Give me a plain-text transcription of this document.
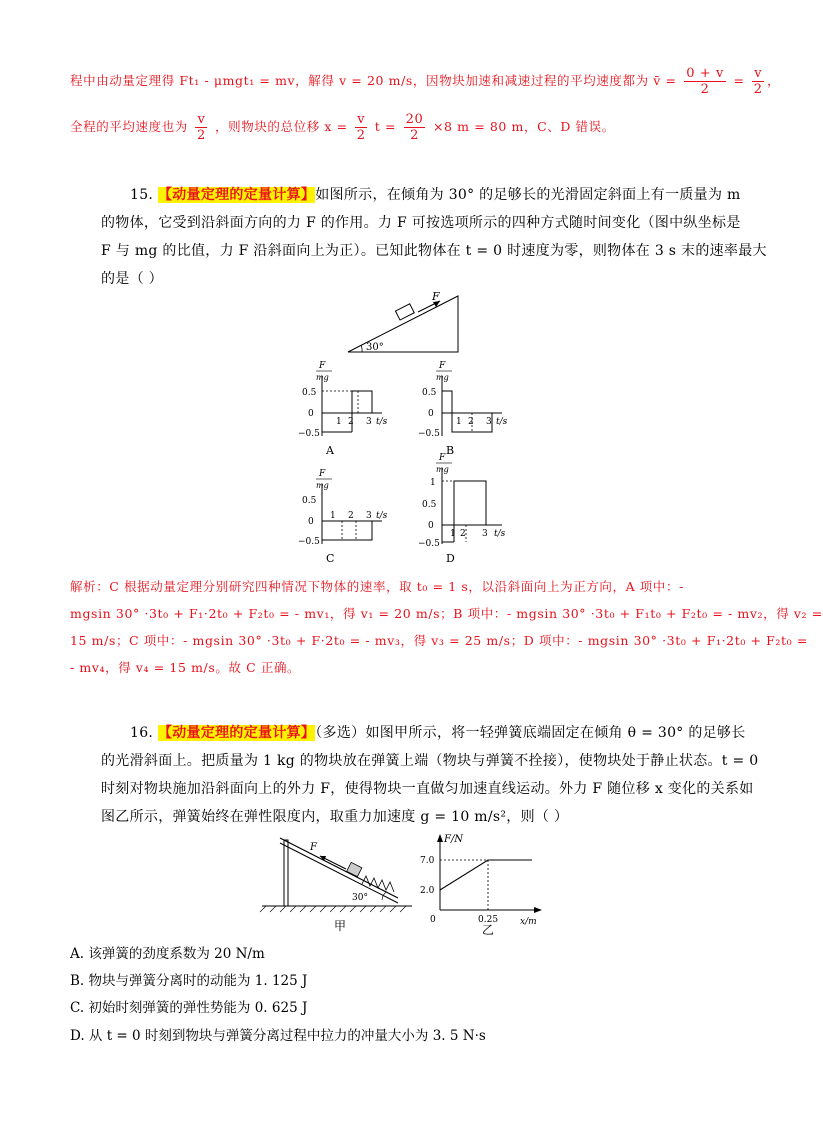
程中由动量定理得 Ft₁ - μmgt₁ = mv，解得 v = 20 m/s，因物块加速和减速过程的平均速度都为 v̄ = $\frac{0 + v}{2} = \frac{v}{2}$ ，
全程的平均速度也为 $\frac{v}{2}$ ，则物块的总位移 $x = \frac{v}{2}$ $t = \frac{20}{2} \times 8$ m = 80 m，C、D 错误。
15. 【动量定理的定量计算】如图所示，在倾角为 30° 的足够长的光滑固定斜面上有一质量为 m
的物体，它受到沿斜面方向的力 F 的作用。力 F 可按选项所示的四种方式随时间变化（图中纵坐标是
F 与 mg 的比值，力 F 沿斜面向上为正）。已知此物体在 t = 0 时速度为零，则物体在 3 s 末的速率最大
的是（ ）
F
30°
F
mg
0.5
0
−0.5
1 2 3 t/s
A
F
mg
0.5
0
−0.5
1 2 3 t/s
B
F
mg
0.5
0
−0.5
1 2 3 t/s
C
F
mg
1
0.5
0
−0.5
1 2 3 t/s
D
解析：C 根据动量定理分别研究四种情况下物体的速率，取 t₀ = 1 s，以沿斜面向上为正方向，A 项中：-
mgsin 30° ·3t₀ + F₁·2t₀ + F₂t₀ = - mv₁，得 v₁ = 20 m/s；B 项中：- mgsin 30° ·3t₀ + F₁t₀ + F₂t₀ = - mv₂，得 v₂ =
15 m/s；C 项中：- mgsin 30° ·3t₀ + F·2t₀ = - mv₃，得 v₃ = 25 m/s；D 项中：- mgsin 30° ·3t₀ + F₁·2t₀ + F₂t₀ =
- mv₄，得 v₄ = 15 m/s。故 C 正确。
16. 【动量定理的定量计算】（多选）如图甲所示，将一轻弹簧底端固定在倾角 θ = 30° 的足够长
的光滑斜面上。把质量为 1 kg 的物块放在弹簧上端（物块与弹簧不拴接），使物块处于静止状态。t = 0
时刻对物块施加沿斜面向上的外力 F，使得物块一直做匀加速直线运动。外力 F 随位移 x 变化的关系如
图乙所示，弹簧始终在弹性限度内，取重力加速度 g = 10 m/s²，则（ ）
F
30°
甲
F/N
x/m
7.0
2.0
0	0.25
乙
A. 该弹簧的劲度系数为 20 N/m
B. 物块与弹簧分离时的动能为 1. 125 J
C. 初始时刻弹簧的弹性势能为 0. 625 J
D. 从 t = 0 时刻到物块与弹簧分离过程中拉力的冲量大小为 3. 5 N·s
